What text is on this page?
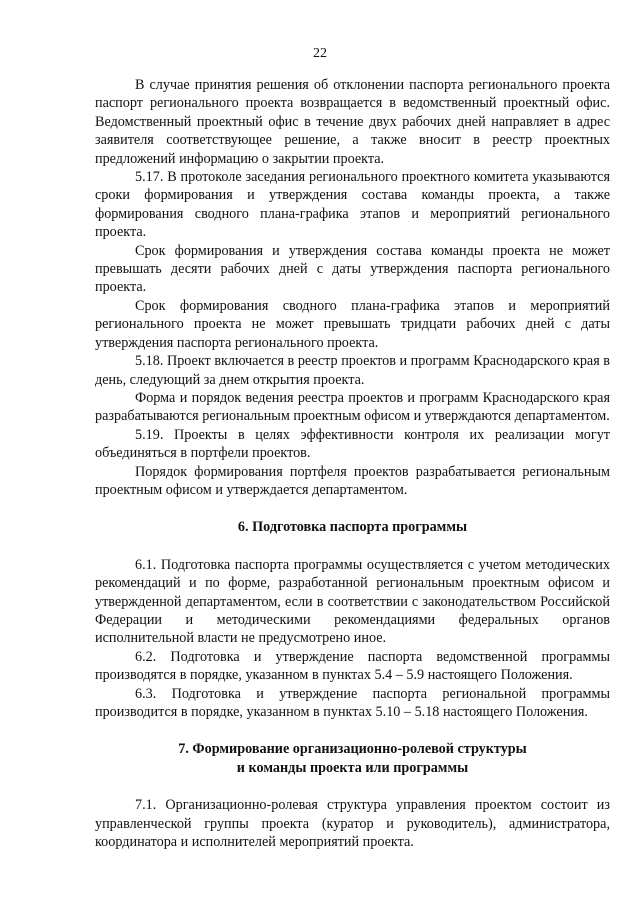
22

В случае принятия решения об отклонении паспорта регионального проекта паспорт регионального проекта возвращается в ведомственный проектный офис. Ведомственный проектный офис в течение двух рабочих дней направляет в адрес заявителя соответствующее решение, а также вносит в реестр проектных предложений информацию о закрытии проекта.

5.17. В протоколе заседания регионального проектного комитета указываются сроки формирования и утверждения состава команды проекта, а также формирования сводного плана-графика этапов и мероприятий регионального проекта.

Срок формирования и утверждения состава команды проекта не может превышать десяти рабочих дней с даты утверждения паспорта регионального проекта.

Срок формирования сводного плана-графика этапов и мероприятий регионального проекта не может превышать тридцати рабочих дней с даты утверждения паспорта регионального проекта.

5.18. Проект включается в реестр проектов и программ Краснодарского края в день, следующий за днем открытия проекта.

Форма и порядок ведения реестра проектов и программ Краснодарского края разрабатываются региональным проектным офисом и утверждаются департаментом.

5.19. Проекты в целях эффективности контроля их реализации могут объединяться в портфели проектов.

Порядок формирования портфеля проектов разрабатывается региональным проектным офисом и утверждается департаментом.

6. Подготовка паспорта программы

6.1. Подготовка паспорта программы осуществляется с учетом методических рекомендаций и по форме, разработанной региональным проектным офисом и утвержденной департаментом, если в соответствии с законодательством Российской Федерации и методическими рекомендациями федеральных органов исполнительной власти не предусмотрено иное.

6.2. Подготовка и утверждение паспорта ведомственной программы производятся в порядке, указанном в пунктах 5.4 – 5.9 настоящего Положения.

6.3. Подготовка и утверждение паспорта региональной программы производится в порядке, указанном в пунктах 5.10 – 5.18 настоящего Положения.

7. Формирование организационно-ролевой структуры
и команды проекта или программы

7.1. Организационно-ролевая структура управления проектом состоит из управленческой группы проекта (куратор и руководитель), администратора, координатора и исполнителей мероприятий проекта.
